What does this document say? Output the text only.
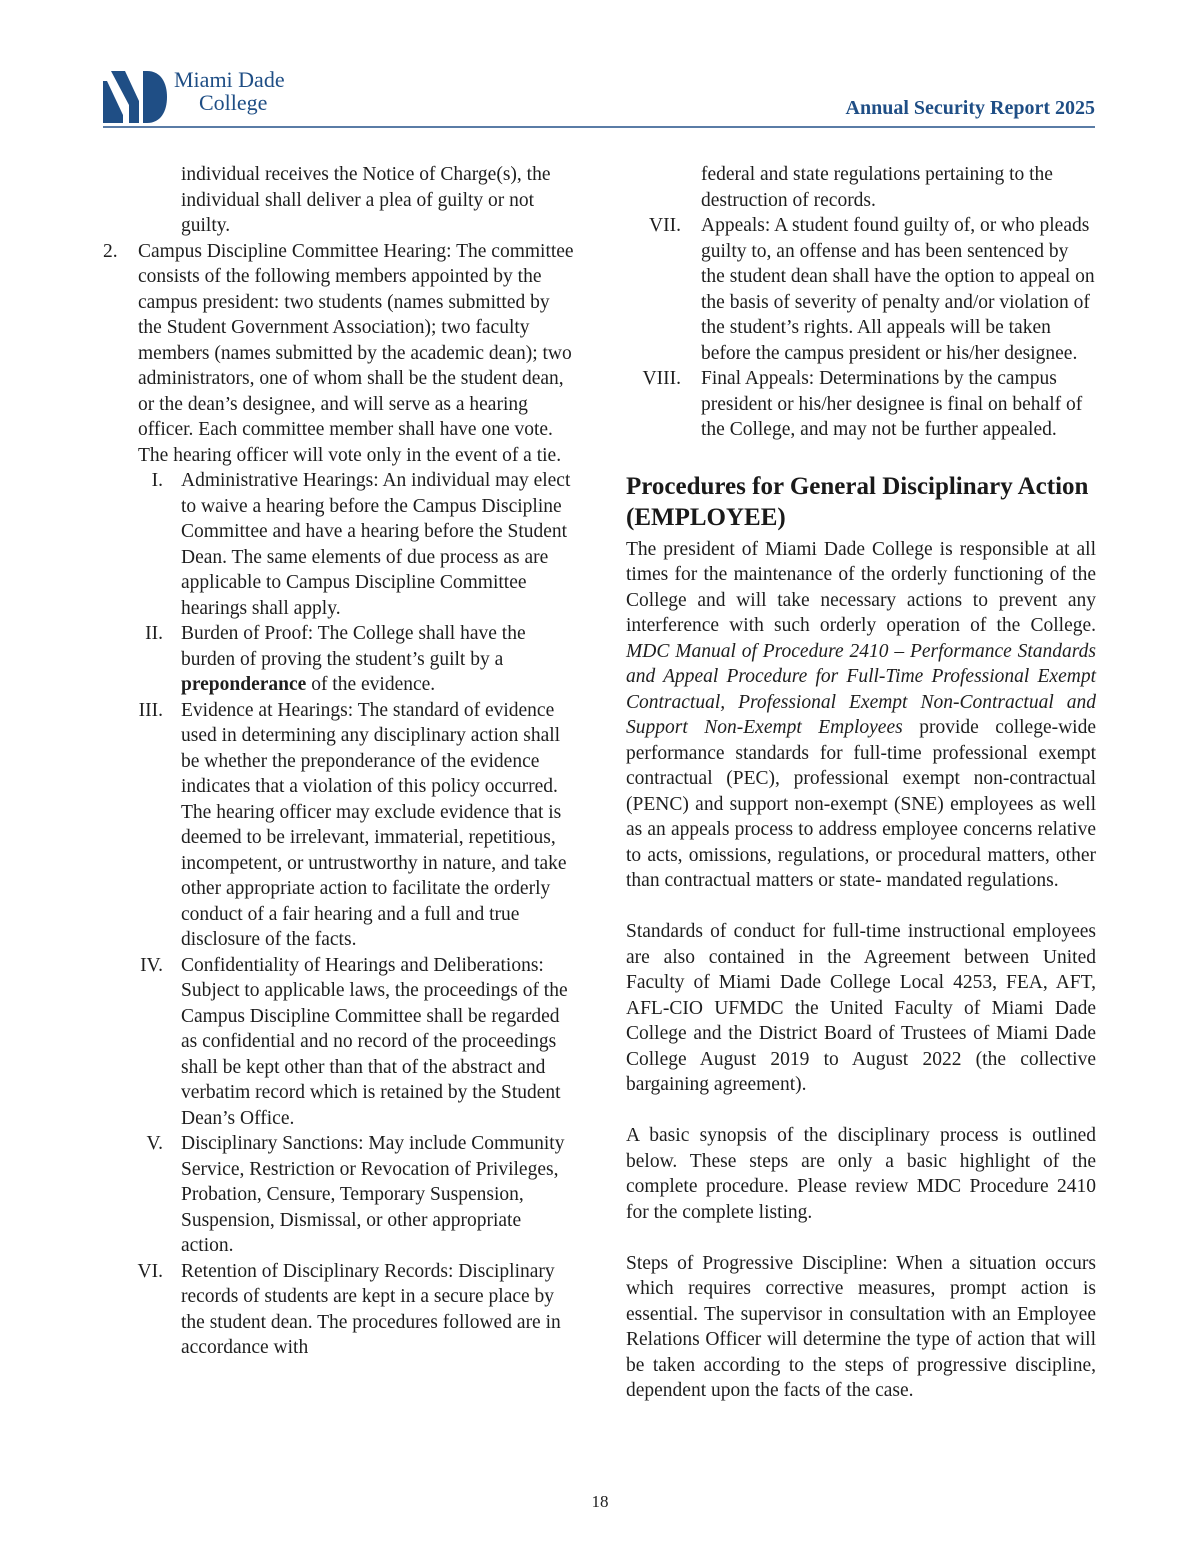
Miami Dade
College	Annual Security Report 2025

individual receives the Notice of Charge(s), the individual shall deliver a plea of guilty or not guilty.

2. Campus Discipline Committee Hearing: The committee consists of the following members appointed by the campus president: two students (names submitted by the Student Government Association); two faculty members (names submitted by the academic dean); two administrators, one of whom shall be the student dean, or the dean’s designee, and will serve as a hearing officer. Each committee member shall have one vote. The hearing officer will vote only in the event of a tie.
I. Administrative Hearings: An individual may elect to waive a hearing before the Campus Discipline Committee and have a hearing before the Student Dean. The same elements of due process as are applicable to Campus Discipline Committee hearings shall apply.
II. Burden of Proof: The College shall have the burden of proving the student’s guilt by a preponderance of the evidence.
III. Evidence at Hearings: The standard of evidence used in determining any disciplinary action shall be whether the preponderance of the evidence indicates that a violation of this policy occurred. The hearing officer may exclude evidence that is deemed to be irrelevant, immaterial, repetitious, incompetent, or untrustworthy in nature, and take other appropriate action to facilitate the orderly conduct of a fair hearing and a full and true disclosure of the facts.
IV. Confidentiality of Hearings and Deliberations: Subject to applicable laws, the proceedings of the Campus Discipline Committee shall be regarded as confidential and no record of the proceedings shall be kept other than that of the abstract and verbatim record which is retained by the Student Dean’s Office.
V. Disciplinary Sanctions: May include Community Service, Restriction or Revocation of Privileges, Probation, Censure, Temporary Suspension, Suspension, Dismissal, or other appropriate action.
VI. Retention of Disciplinary Records: Disciplinary records of students are kept in a secure place by the student dean. The procedures followed are in accordance with

federal and state regulations pertaining to the destruction of records.

VII. Appeals: A student found guilty of, or who pleads guilty to, an offense and has been sentenced by the student dean shall have the option to appeal on the basis of severity of penalty and/or violation of the student’s rights. All appeals will be taken before the campus president or his/her designee.
VIII. Final Appeals: Determinations by the campus president or his/her designee is final on behalf of the College, and may not be further appealed.
Procedures for General Disciplinary Action (EMPLOYEE)

The president of Miami Dade College is responsible at all times for the maintenance of the orderly functioning of the College and will take necessary actions to prevent any interference with such orderly operation of the College. MDC Manual of Procedure 2410 – Performance Standards and Appeal Procedure for Full-Time Professional Exempt Contractual, Professional Exempt Non-Contractual and Support Non-Exempt Employees provide college-wide performance standards for full-time professional exempt contractual (PEC), professional exempt non-contractual (PENC) and support non-exempt (SNE) employees as well as an appeals process to address employee concerns relative to acts, omissions, regulations, or procedural matters, other than contractual matters or state- mandated regulations.

Standards of conduct for full-time instructional employees are also contained in the Agreement between United Faculty of Miami Dade College Local 4253, FEA, AFT, AFL-CIO UFMDC the United Faculty of Miami Dade College and the District Board of Trustees of Miami Dade College August 2019 to August 2022 (the collective bargaining agreement).

A basic synopsis of the disciplinary process is outlined below. These steps are only a basic highlight of the complete procedure. Please review MDC Procedure 2410 for the complete listing.

Steps of Progressive Discipline: When a situation occurs which requires corrective measures, prompt action is essential. The supervisor in consultation with an Employee Relations Officer will determine the type of action that will be taken according to the steps of progressive discipline, dependent upon the facts of the case.

18
